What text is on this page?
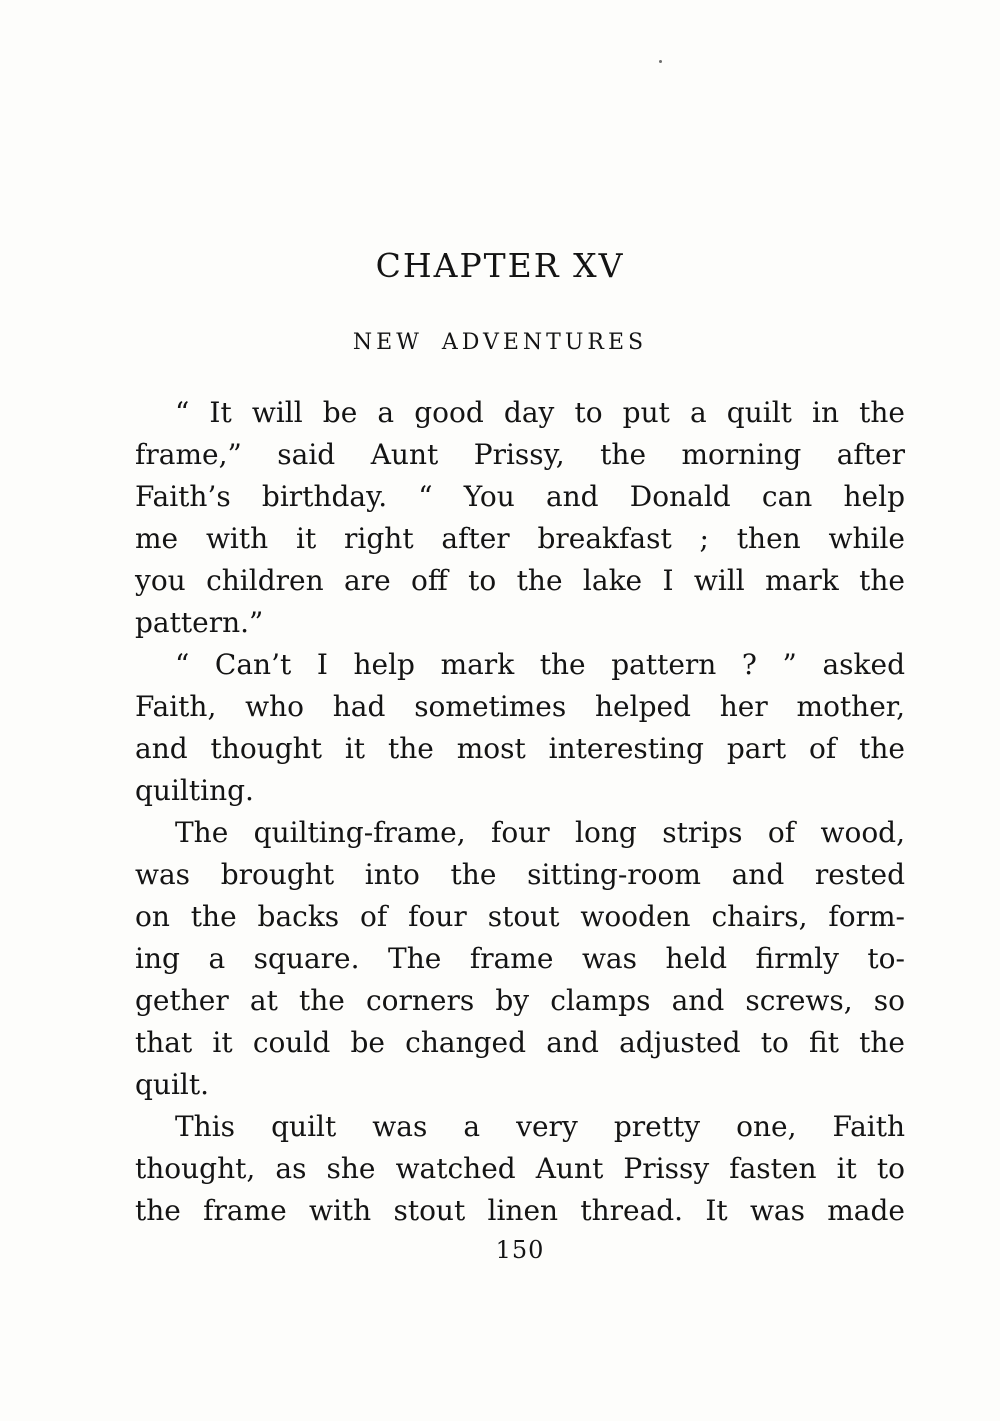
CHAPTER XV
NEW ADVENTURES
“ It will be a good day to put a quilt in the
frame,” said Aunt Prissy, the morning after
Faith’s birthday. “ You and Donald can help
me with it right after breakfast ; then while
you children are off to the lake I will mark the
pattern.”
“ Can’t I help mark the pattern ? ” asked
Faith, who had sometimes helped her mother,
and thought it the most interesting part of the
quilting.
The quilting-frame, four long strips of wood,
was brought into the sitting-room and rested
on the backs of four stout wooden chairs, form-
ing a square. The frame was held firmly to-
gether at the corners by clamps and screws, so
that it could be changed and adjusted to fit the
quilt.
This quilt was a very pretty one, Faith
thought, as she watched Aunt Prissy fasten it to
the frame with stout linen thread. It was made
150
